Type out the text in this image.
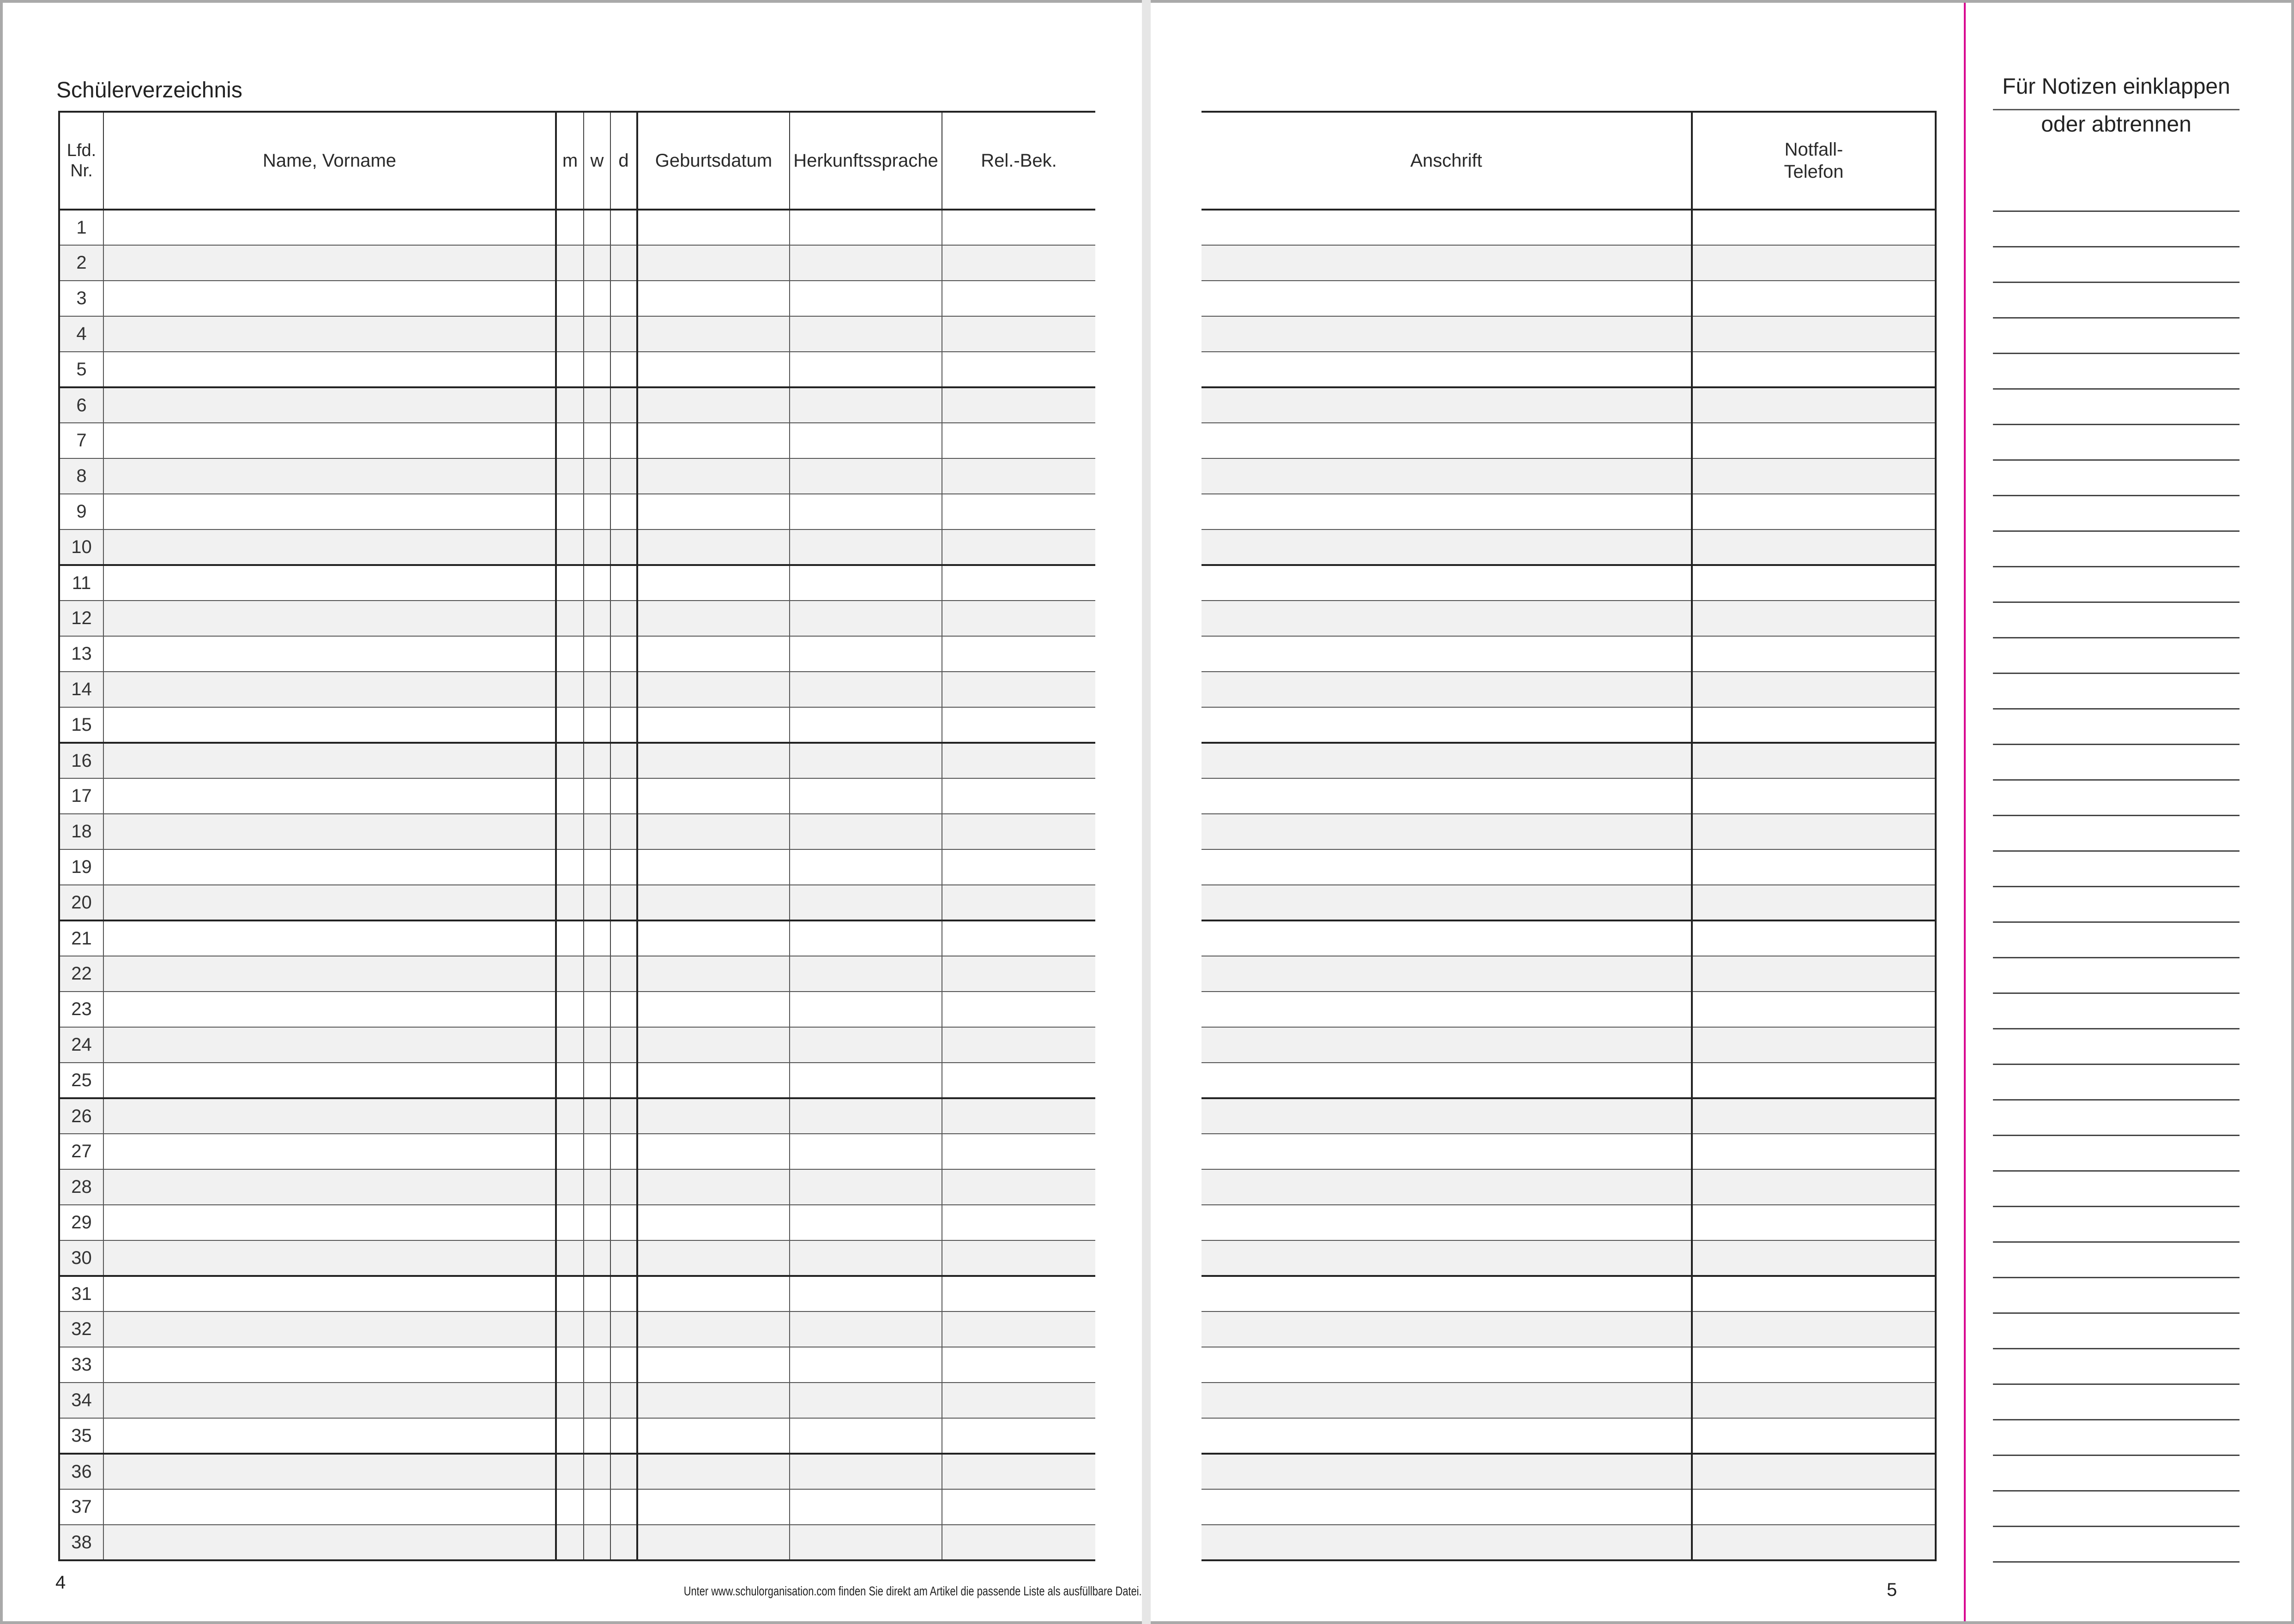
Schülerverzeichnis
Lfd.
Nr.	Name, Vorname	m	w	d	Geburtsdatum	Herkunftssprache	Rel.-Bek.
1							
2							
3							
4							
5							
6							
7							
8							
9							
10							
11							
12							
13							
14							
15							
16							
17							
18							
19							
20							
21							
22							
23							
24							
25							
26							
27							
28							
29							
30							
31							
32							
33							
34							
35							
36							
37							
38							
4	Unter www.schulorganisation.com finden Sie direkt am Artikel die passende Liste als ausfüllbare Datei.
Anschrift	Notfall-
Telefon

5
Für Notizen einklappen
oder abtrennen
